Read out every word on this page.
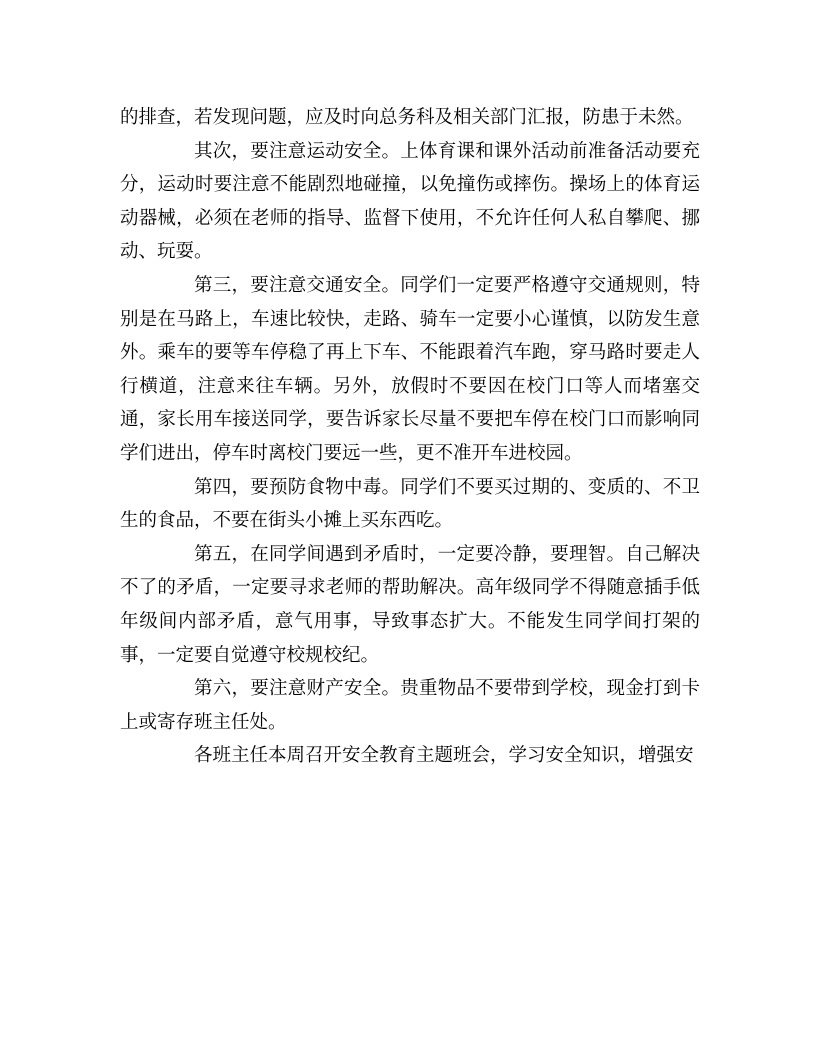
的排查，若发现问题，应及时向总务科及相关部门汇报，防患于未然。

其次，要注意运动安全。上体育课和课外活动前准备活动要充分，运动时要注意不能剧烈地碰撞，以免撞伤或摔伤。操场上的体育运动器械，必须在老师的指导、监督下使用，不允许任何人私自攀爬、挪动、玩耍。

第三，要注意交通安全。同学们一定要严格遵守交通规则，特别是在马路上，车速比较快，走路、骑车一定要小心谨慎，以防发生意外。乘车的要等车停稳了再上下车、不能跟着汽车跑，穿马路时要走人行横道，注意来往车辆。另外，放假时不要因在校门口等人而堵塞交通，家长用车接送同学，要告诉家长尽量不要把车停在校门口而影响同学们进出，停车时离校门要远一些，更不准开车进校园。

第四，要预防食物中毒。同学们不要买过期的、变质的、不卫生的食品，不要在街头小摊上买东西吃。

第五，在同学间遇到矛盾时，一定要冷静，要理智。自己解决不了的矛盾，一定要寻求老师的帮助解决。高年级同学不得随意插手低年级间内部矛盾，意气用事，导致事态扩大。不能发生同学间打架的事，一定要自觉遵守校规校纪。

第六，要注意财产安全。贵重物品不要带到学校，现金打到卡上或寄存班主任处。

各班主任本周召开安全教育主题班会，学习安全知识，增强安
